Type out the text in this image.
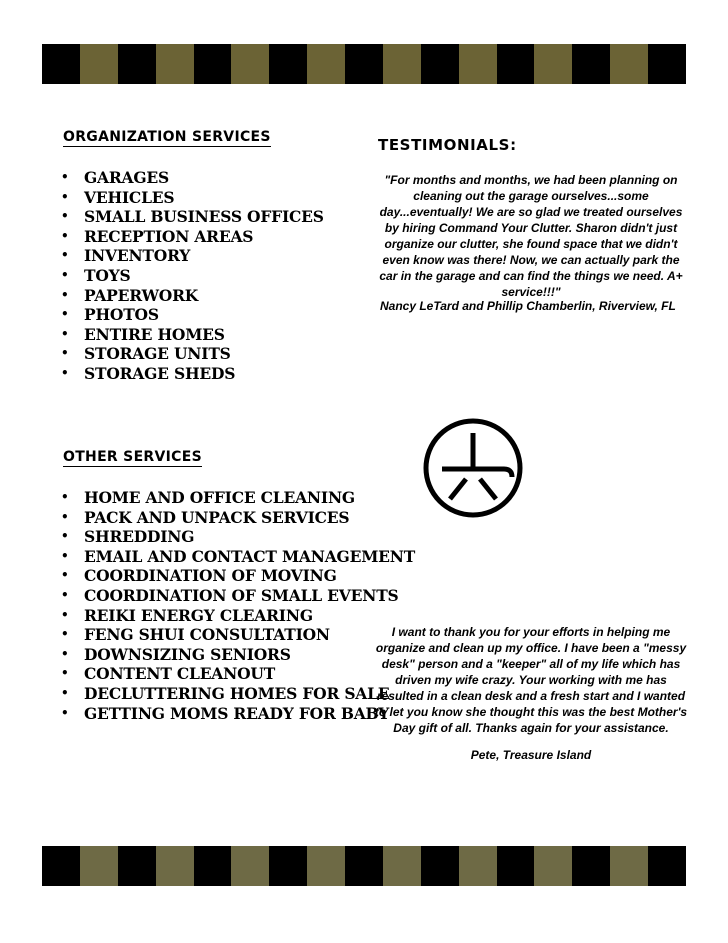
ORGANIZATION SERVICES
• GARAGES
• VEHICLES
• SMALL BUSINESS OFFICES
• RECEPTION AREAS
• INVENTORY
• TOYS
• PAPERWORK
• PHOTOS
• ENTIRE HOMES
• STORAGE UNITS
• STORAGE SHEDS
OTHER SERVICES
• HOME AND OFFICE CLEANING
• PACK AND UNPACK SERVICES
• SHREDDING
• EMAIL AND CONTACT MANAGEMENT
• COORDINATION OF MOVING
• COORDINATION OF SMALL EVENTS
• REIKI ENERGY CLEARING
• FENG SHUI CONSULTATION
• DOWNSIZING SENIORS
• CONTENT CLEANOUT
• DECLUTTERING HOMES FOR SALE
• GETTING MOMS READY FOR BABY
TESTIMONIALS:
"For months and months, we had been planning on cleaning out the garage ourselves...some day...eventually! We are so glad we treated ourselves by hiring Command Your Clutter. Sharon didn't just organize our clutter, she found space that we didn't even know was there! Now, we can actually park the car in the garage and can find the things we need. A+ service!!!"
Nancy LeTard and Phillip Chamberlin, Riverview, FL
I want to thank you for your efforts in helping me organize and clean up my office. I have been a "messy desk" person and a "keeper" all of my life which has driven my wife crazy. Your working with me has resulted in a clean desk and a fresh start and I wanted to let you know she thought this was the best Mother's Day gift of all. Thanks again for your assistance.
Pete, Treasure Island
